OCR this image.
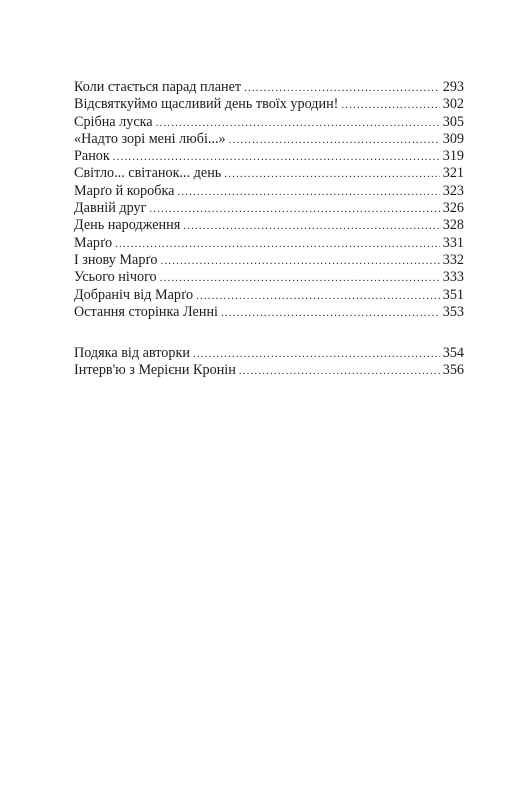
Коли стається парад планет . . .	293
Відсвяткуймо щасливий день твоїх уродин! . . .	302
Срібна луска . . .	305
«Надто зорі мені любі...» . . .	309
Ранок . . .	319
Світло... світанок... день . . .	321
Марґо й коробка . . .	323
Давній друг . . .	326
День народження . . .	328
Марґо . . .	331
І знову Марґо . . .	332
Усього нічого . . .	333
Добраніч від Марґо . . .	351
Остання сторінка Ленні . . .	353
Подяка від авторки . . .	354
Інтерв'ю з Мерієни Кронін . . .	356
